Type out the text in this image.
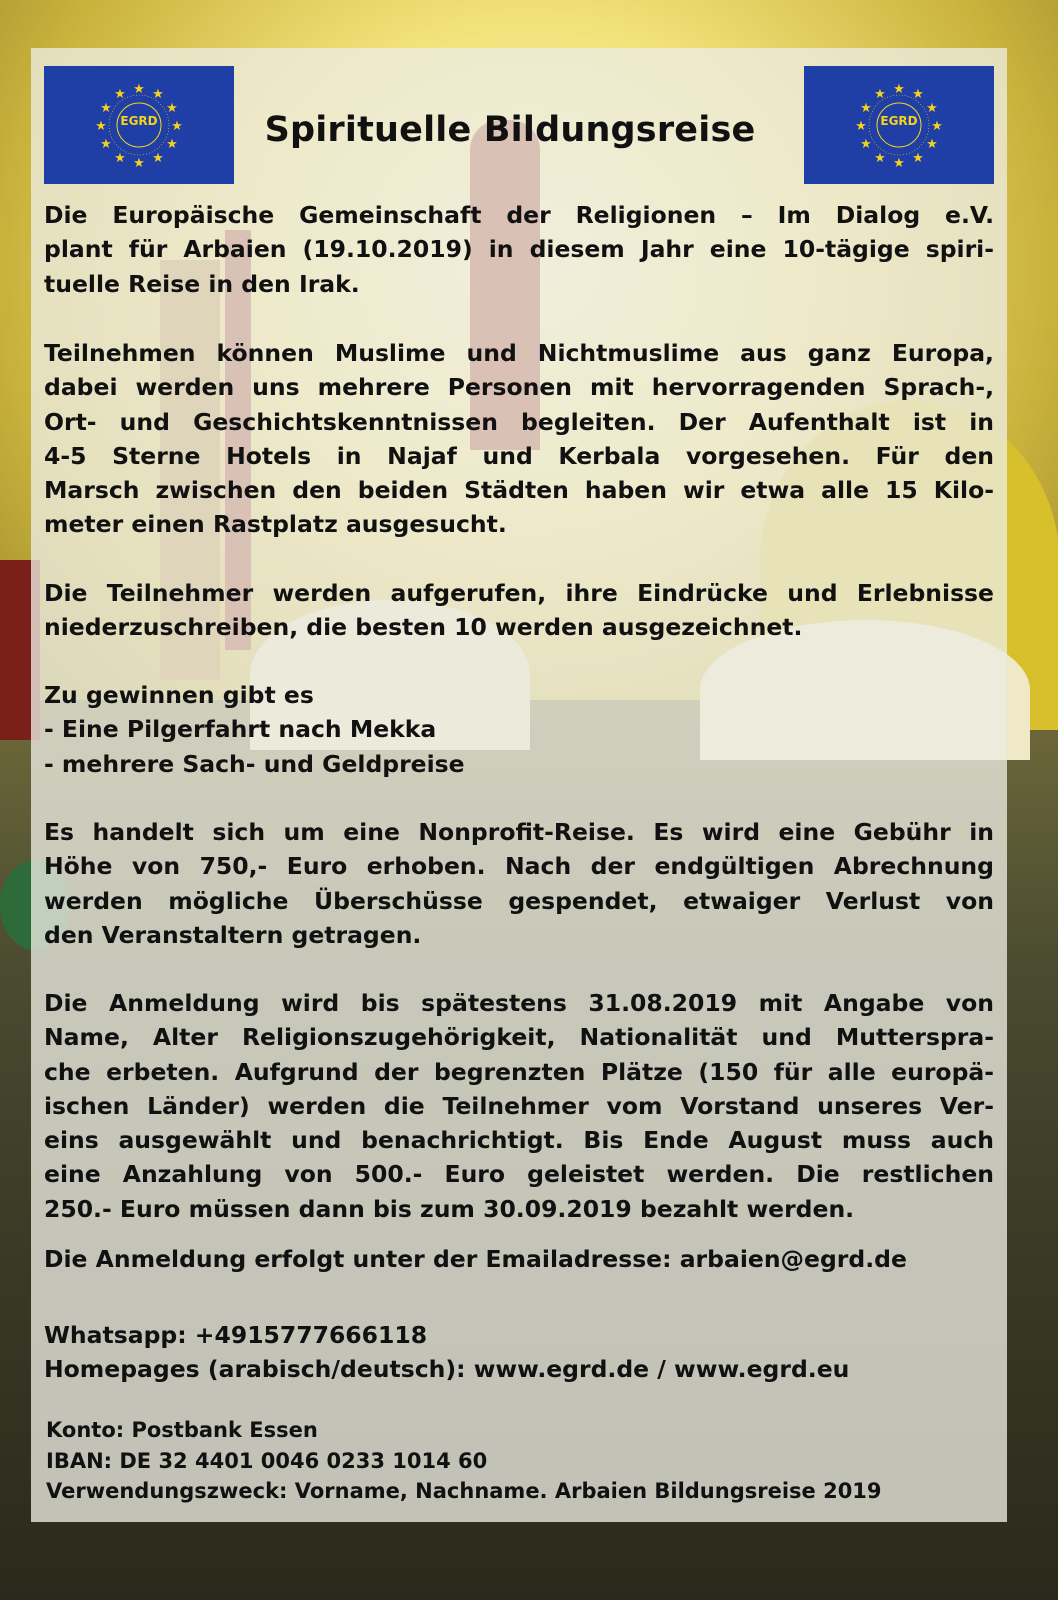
★ ★
★
★
★
★
★
★
★
★
★
★
EGRD
★ ★
★
★
★
★
★
★
★
★
★
★
EGRD
Spirituelle Bildungsreise
Die Europäische Gemeinschaft der Religionen – Im Dialog e.V.
plant für Arbaien (19.10.2019) in diesem Jahr eine 10-tägige spiri-
tuelle Reise in den Irak.
Teilnehmen können Muslime und Nichtmuslime aus ganz Europa,
dabei werden uns mehrere Personen mit hervorragenden Sprach-,
Ort- und Geschichtskenntnissen begleiten. Der Aufenthalt ist in
4-5 Sterne Hotels in Najaf und Kerbala vorgesehen. Für den
Marsch zwischen den beiden Städten haben wir etwa alle 15 Kilo-
meter einen Rastplatz ausgesucht.
Die Teilnehmer werden aufgerufen, ihre Eindrücke und Erlebnisse
niederzuschreiben, die besten 10 werden ausgezeichnet.
Zu gewinnen gibt es
- Eine Pilgerfahrt nach Mekka
- mehrere Sach- und Geldpreise
Es handelt sich um eine Nonprofit-Reise. Es wird eine Gebühr in
Höhe von 750,- Euro erhoben. Nach der endgültigen Abrechnung
werden mögliche Überschüsse gespendet, etwaiger Verlust von
den Veranstaltern getragen.
Die Anmeldung wird bis spätestens 31.08.2019 mit Angabe von
Name, Alter Religionszugehörigkeit, Nationalität und Mutterspra-
che erbeten. Aufgrund der begrenzten Plätze (150 für alle europä-
ischen Länder) werden die Teilnehmer vom Vorstand unseres Ver-
eins ausgewählt und benachrichtigt. Bis Ende August muss auch
eine Anzahlung von 500.- Euro geleistet werden. Die restlichen
250.- Euro müssen dann bis zum 30.09.2019 bezahlt werden.
Die Anmeldung erfolgt unter der Emailadresse: arbaien@egrd.de
Whatsapp: +4915777666118
Homepages (arabisch/deutsch): www.egrd.de / www.egrd.eu
Konto: Postbank Essen
IBAN: DE 32 4401 0046 0233 1014 60
Verwendungszweck: Vorname, Nachname. Arbaien Bildungsreise 2019
